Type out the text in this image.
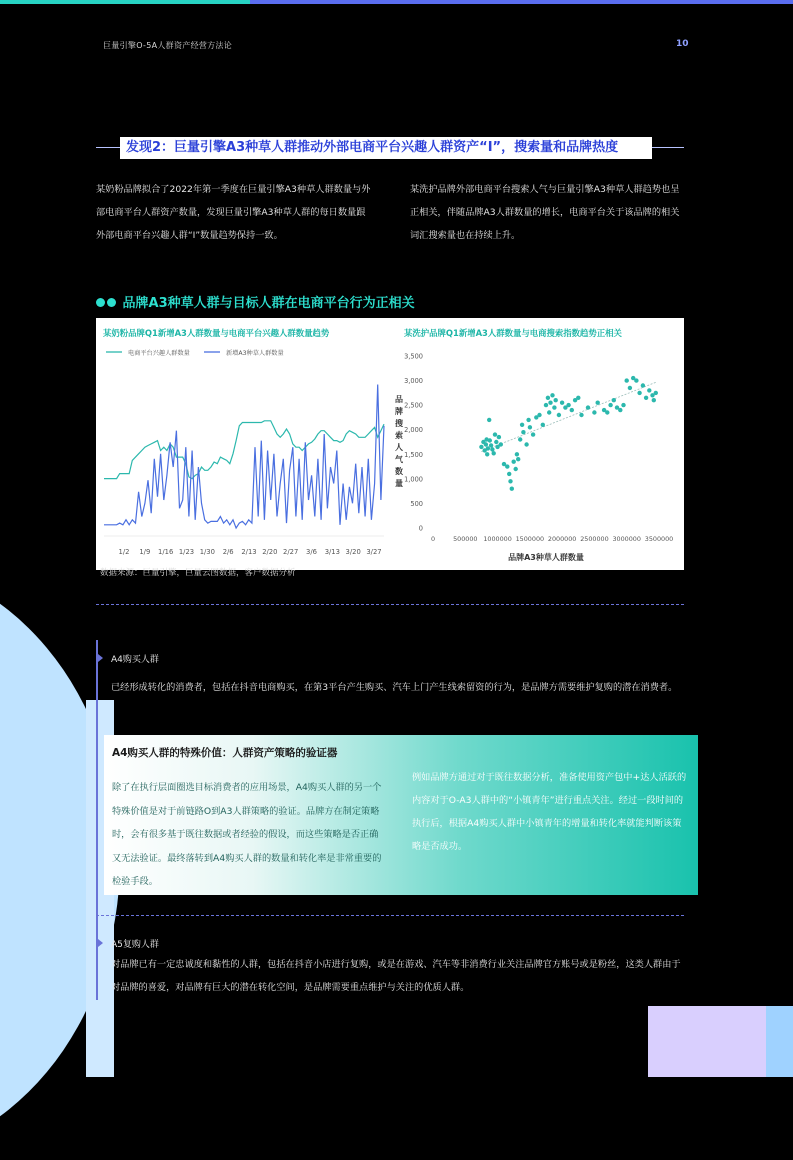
巨量引擎O-5A人群资产经营方法论	10
发现2：巨量引擎A3种草人群推动外部电商平台兴趣人群资产“I”，搜索量和品牌热度
某奶粉品牌拟合了2022年第一季度在巨量引擎A3种草人群数量与外部电商平台人群资产数量，发现巨量引擎A3种草人群的每日数量跟外部电商平台兴趣人群“I”数量趋势保持一致。
某洗护品牌外部电商平台搜索人气与巨量引擎A3种草人群趋势也呈正相关，伴随品牌A3人群数量的增长，电商平台关于该品牌的相关词汇搜索量也在持续上升。
品牌A3种草人群与目标人群在电商平台行为正相关
某奶粉品牌Q1新增A3人群数量与电商平台兴趣人群数量趋势
电商平台兴趣人群数量	新增A3种草人群数量
1/2 1/9 1/16 1/23 1/30 2/6 2/13 2/20 2/27 3/6 3/13 3/20 3/27
某洗护品牌Q1新增A3人群数量与电商搜索指数趋势正相关
0
500
1,000
1,500
2,000
2,500
3,000
3,500
0	500000 1000000 1500000 2000000 2500000 3000000 3500000
品牌A3种草人群数量
品
牌
搜
索
人
气
数
量
数据来源：巨量引擎，巨量云图数据，客户数据分析
A4购买人群
已经形成转化的消费者，包括在抖音电商购买，在第3平台产生购买、汽车上门产生线索留资的行为，是品牌方需要维护复购的潜在消费者。
A4购买人群的特殊价值：人群资产策略的验证器
除了在执行层面圈选目标消费者的应用场景，A4购买人群的另一个特殊价值是对于前链路O到A3人群策略的验证。品牌方在制定策略时，会有很多基于既往数据或者经验的假设，而这些策略是否正确又无法验证。最终落转到A4购买人群的数量和转化率是非常重要的检验手段。
例如品牌方通过对于既往数据分析，准备使用资产包中+达人活跃的内容对于O-A3人群中的“小镇青年”进行重点关注。经过一段时间的执行后，根据A4购买人群中小镇青年的增量和转化率就能判断该策略是否成功。
A5复购人群
对品牌已有一定忠诚度和黏性的人群，包括在抖音小店进行复购，或是在游戏、汽车等非消费行业关注品牌官方账号或是粉丝，这类人群由于对品牌的喜爱，对品牌有巨大的潜在转化空间，是品牌需要重点维护与关注的优质人群。
